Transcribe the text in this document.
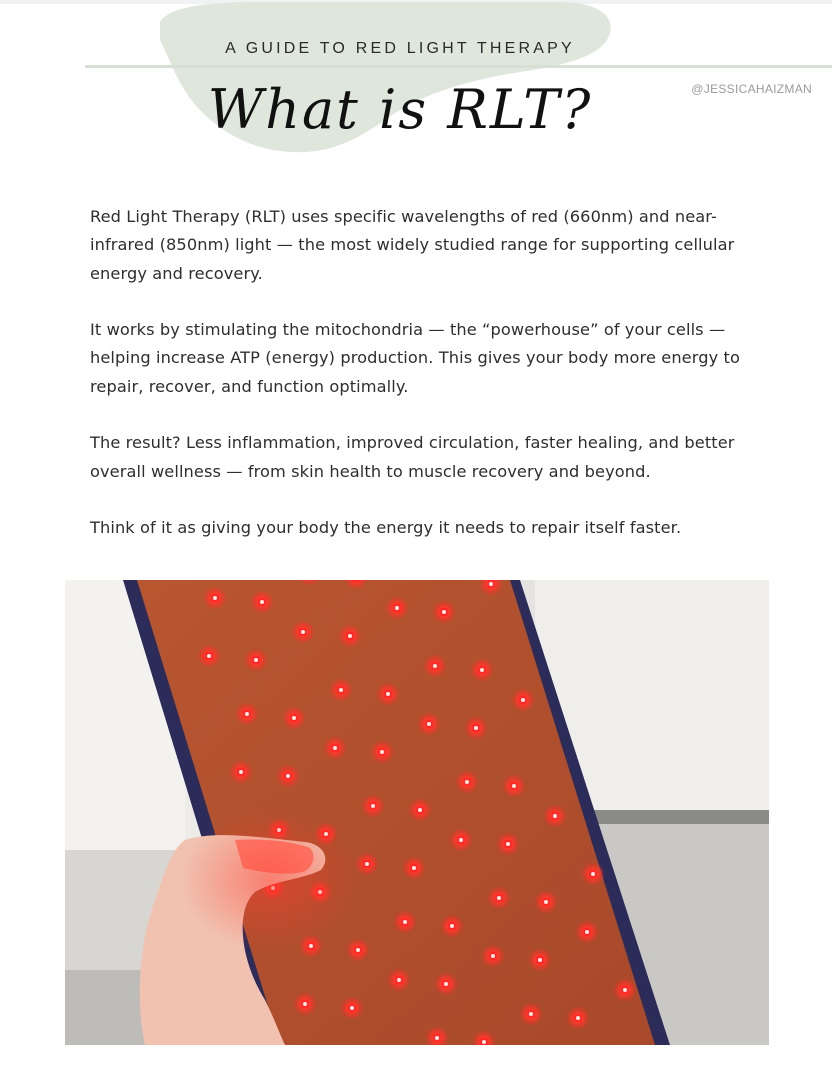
A GUIDE TO RED LIGHT THERAPY
What is RLT?	@JESSICAHAIZMAN

Red Light Therapy (RLT) uses specific wavelengths of red (660nm) and near-infrared (850nm) light — the most widely studied range for supporting cellular energy and recovery.

It works by stimulating the mitochondria — the “powerhouse” of your cells — helping increase ATP (energy) production. This gives your body more energy to repair, recover, and function optimally.

The result? Less inflammation, improved circulation, faster healing, and better overall wellness — from skin health to muscle recovery and beyond.

Think of it as giving your body the energy it needs to repair itself faster.
